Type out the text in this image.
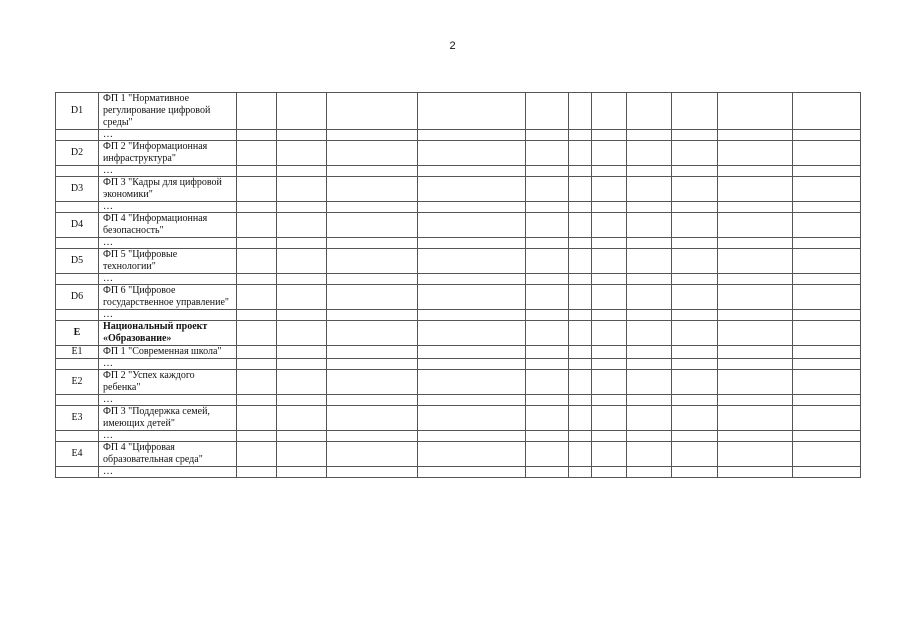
2
D1	ФП 1 "Нормативное регулирование цифровой среды"											
	…											
D2	ФП 2 "Информационная инфраструктура"											
	…											
D3	ФП 3 "Кадры для цифровой экономики"											
	…											
D4	ФП 4 "Информационная безопасность"											
	…											
D5	ФП 5 "Цифровые технологии"											
	…											
D6	ФП 6 "Цифровое государственное управление"											
	…											
E	Национальный проект «Образование»											
E1	ФП 1 "Современная школа"											
	…											
E2	ФП 2 "Успех каждого ребенка"											
	…											
E3	ФП 3 "Поддержка семей, имеющих детей"											
	…											
E4	ФП 4 "Цифровая образовательная среда"											
	…											
